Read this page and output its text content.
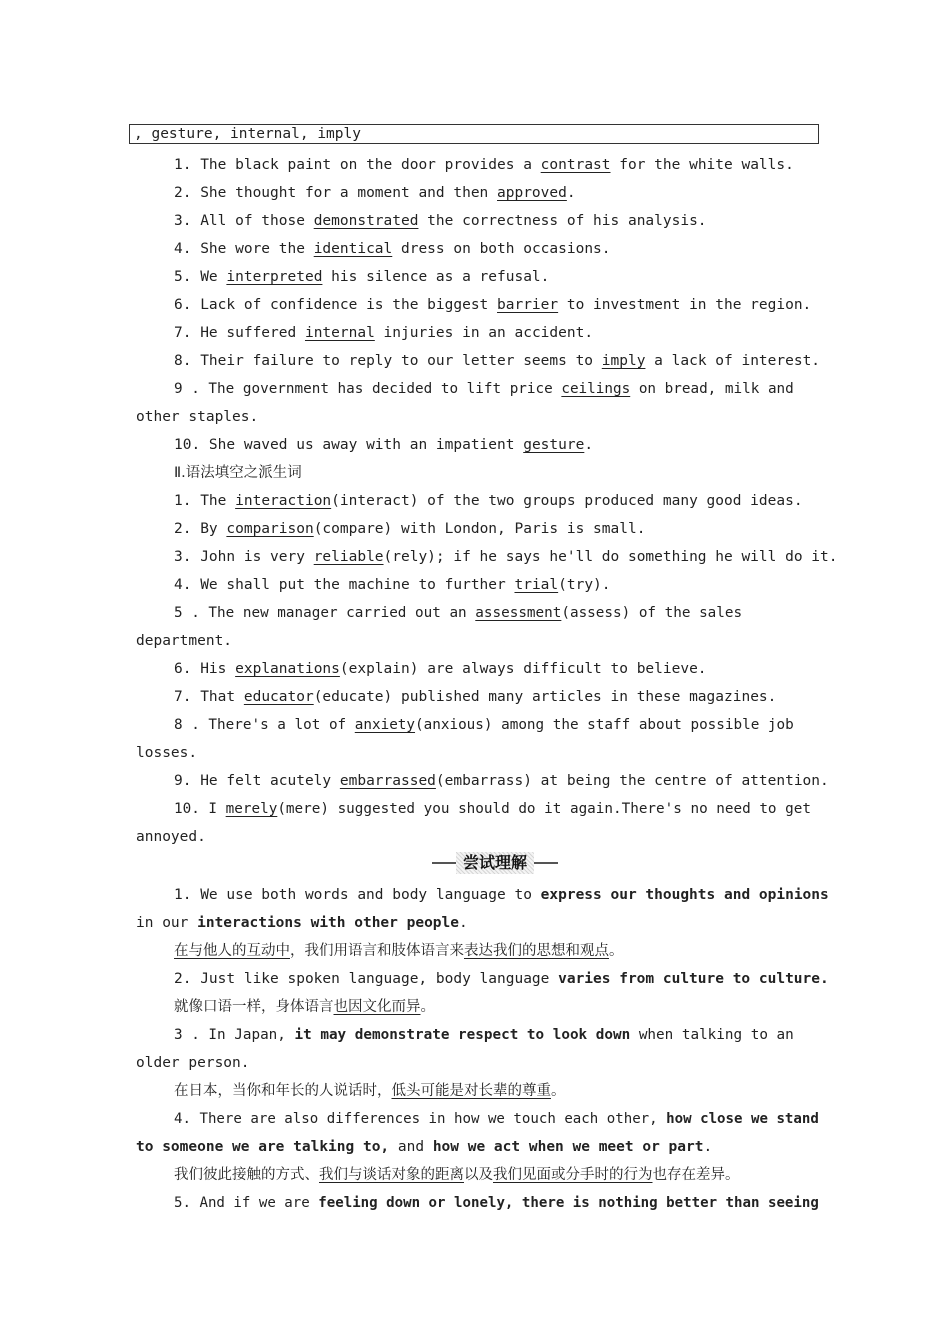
, gesture, internal, imply
1. The black paint on the door provides a contrast for the white walls.
2. She thought for a moment and then approved.
3. All of those demonstrated the correctness of his analysis.
4. She wore the identical dress on both occasions.
5. We interpreted his silence as a refusal.
6. Lack of confidence is the biggest barrier to investment in the region.
7. He suffered internal injuries in an accident.
8. Their failure to reply to our letter seems to imply a lack of interest.
9 . The government has decided to lift price ceilings on bread, milk and
other staples.
10. She waved us away with an impatient gesture.
Ⅱ.语法填空之派生词
1. The interaction(interact) of the two groups produced many good ideas.
2. By comparison(compare) with London, Paris is small.
3. John is very reliable(rely); if he says he'll do something he will do it.
4. We shall put the machine to further trial(try).
5 . The new manager carried out an assessment(assess) of the sales
department.
6. His explanations(explain) are always difficult to believe.
7. That educator(educate) published many articles in these magazines.
8 . There's a lot of anxiety(anxious) among the staff about possible job
losses.
9. He felt acutely embarrassed(embarrass) at being the centre of attention.
10. I merely(mere) suggested you should do it again.There's no need to get
annoyed.
1. We use both words and body language to express our thoughts and opinions
in our interactions with other people.
在与他人的互动中，我们用语言和肢体语言来表达我们的思想和观点。
2. Just like spoken language, body language varies from culture to culture.
就像口语一样，身体语言也因文化而异。
3 . In Japan, it may demonstrate respect to look down when talking to an
older person.
在日本，当你和年长的人说话时，低头可能是对长辈的尊重。
4. There are also differences in how we touch each other, how close we stand
to someone we are talking to, and how we act when we meet or part.
我们彼此接触的方式、我们与谈话对象的距离以及我们见面或分手时的行为也存在差异。
5. And if we are feeling down or lonely, there is nothing better than seeing
尝试理解
